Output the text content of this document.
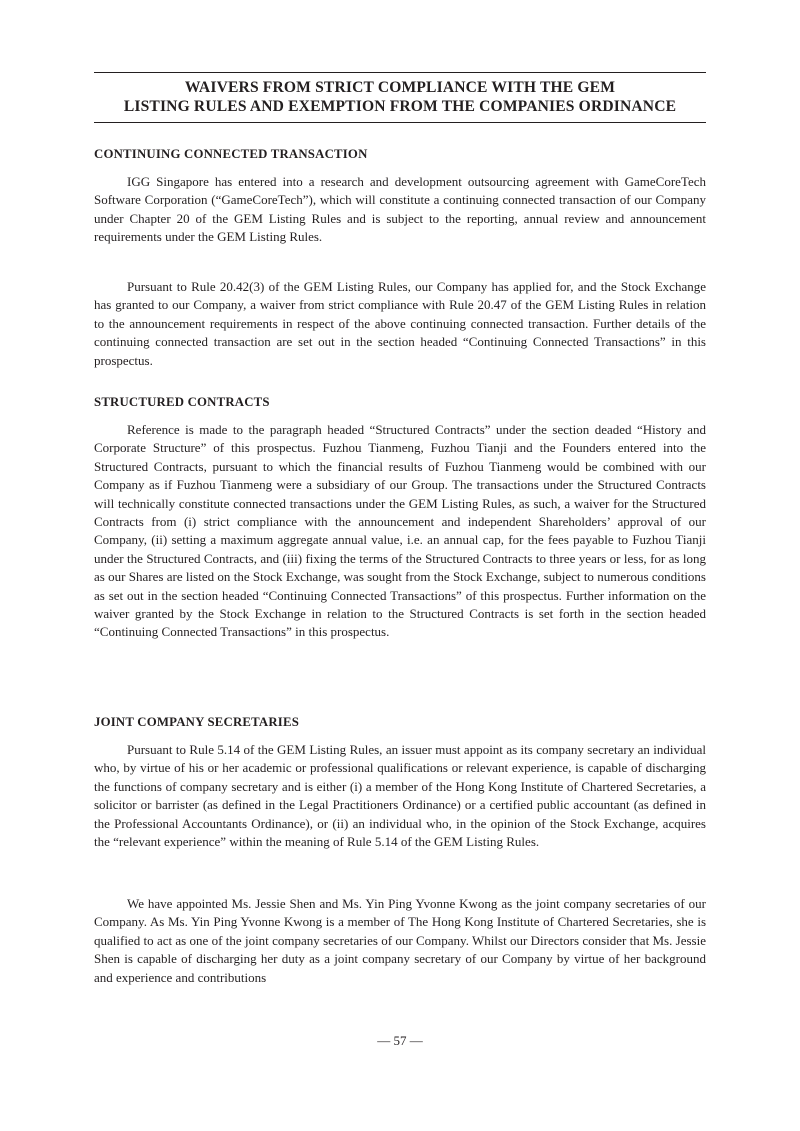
WAIVERS FROM STRICT COMPLIANCE WITH THE GEM
LISTING RULES AND EXEMPTION FROM THE COMPANIES ORDINANCE
CONTINUING CONNECTED TRANSACTION

IGG Singapore has entered into a research and development outsourcing agreement with GameCoreTech Software Corporation (“GameCoreTech”), which will constitute a continuing connected transaction of our Company under Chapter 20 of the GEM Listing Rules and is subject to the reporting, annual review and announcement requirements under the GEM Listing Rules.

Pursuant to Rule 20.42(3) of the GEM Listing Rules, our Company has applied for, and the Stock Exchange has granted to our Company, a waiver from strict compliance with Rule 20.47 of the GEM Listing Rules in relation to the announcement requirements in respect of the above continuing connected transaction. Further details of the continuing connected transaction are set out in the section headed “Continuing Connected Transactions” in this prospectus.

STRUCTURED CONTRACTS

Reference is made to the paragraph headed “Structured Contracts” under the section deaded “History and Corporate Structure” of this prospectus. Fuzhou Tianmeng, Fuzhou Tianji and the Founders entered into the Structured Contracts, pursuant to which the financial results of Fuzhou Tianmeng would be combined with our Company as if Fuzhou Tianmeng were a subsidiary of our Group. The transactions under the Structured Contracts will technically constitute connected transactions under the GEM Listing Rules, as such, a waiver for the Structured Contracts from (i) strict compliance with the announcement and independent Shareholders’ approval of our Company, (ii) setting a maximum aggregate annual value, i.e. an annual cap, for the fees payable to Fuzhou Tianji under the Structured Contracts, and (iii) fixing the terms of the Structured Contracts to three years or less, for as long as our Shares are listed on the Stock Exchange, was sought from the Stock Exchange, subject to numerous conditions as set out in the section headed “Continuing Connected Transactions” of this prospectus. Further information on the waiver granted by the Stock Exchange in relation to the Structured Contracts is set forth in the section headed “Continuing Connected Transactions” in this prospectus.

JOINT COMPANY SECRETARIES

Pursuant to Rule 5.14 of the GEM Listing Rules, an issuer must appoint as its company secretary an individual who, by virtue of his or her academic or professional qualifications or relevant experience, is capable of discharging the functions of company secretary and is either (i) a member of the Hong Kong Institute of Chartered Secretaries, a solicitor or barrister (as defined in the Legal Practitioners Ordinance) or a certified public accountant (as defined in the Professional Accountants Ordinance), or (ii) an individual who, in the opinion of the Stock Exchange, acquires the “relevant experience” within the meaning of Rule 5.14 of the GEM Listing Rules.

We have appointed Ms. Jessie Shen and Ms. Yin Ping Yvonne Kwong as the joint company secretaries of our Company. As Ms. Yin Ping Yvonne Kwong is a member of The Hong Kong Institute of Chartered Secretaries, she is qualified to act as one of the joint company secretaries of our Company. Whilst our Directors consider that Ms. Jessie Shen is capable of discharging her duty as a joint company secretary of our Company by virtue of her background and experience and contributions

— 57 —
